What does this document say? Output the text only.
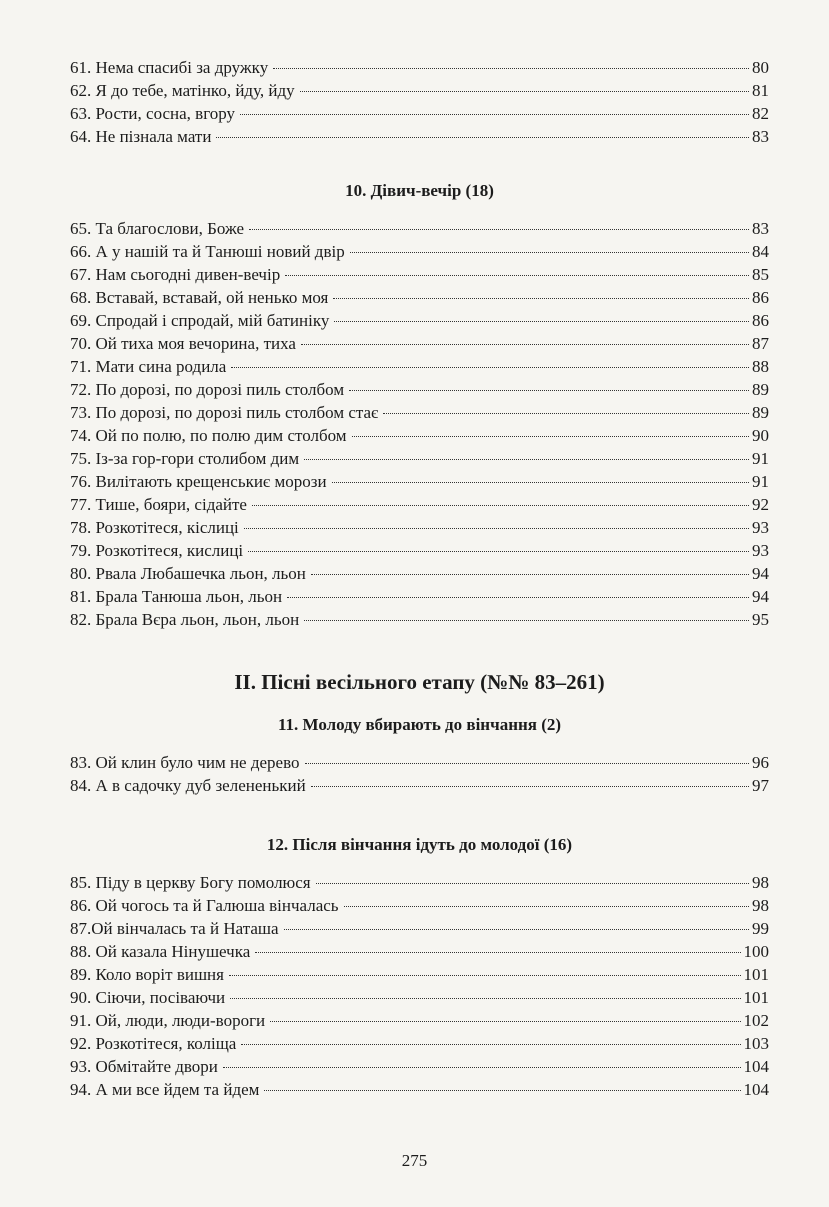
61. Нема спасибі за дружку	80
62. Я до тебе, матінко, йду, йду	81
63. Рости, сосна, вгору	82
64. Не пізнала мати	83
10. Дівич-вечір (18)
65. Та благослови, Боже	83
66. А у нашій та й Танюші новий двір	84
67. Нам сьогодні дивен-вечір	85
68. Вставай, вставай, ой ненько моя	86
69. Спродай і спродай, мій батиніку	86
70. Ой тиха моя вечорина, тиха	87
71. Мати сина родила	88
72. По дорозі, по дорозі пиль столбом	89
73. По дорозі, по дорозі пиль столбом стає	89
74. Ой по полю, по полю дим столбом	90
75. Із-за гор-гори столибом дим	91
76. Вилітають крещенськиє морози	91
77. Тише, бояри, сідайте	92
78. Розкотітеся, кіслиці	93
79. Розкотітеся, кислиці	93
80. Рвала Любашечка льон, льон	94
81. Брала Танюша льон, льон	94
82. Брала Вєра льон, льон, льон	95
II. Пісні весільного етапу (№№ 83–261)
11. Молоду вбирають до вінчання (2)
83. Ой клин було чим не дерево	96
84. А в садочку дуб зелененький	97
12. Після вінчання ідуть до молодої (16)
85. Піду в церкву Богу помолюся	98
86. Ой чогось та й Галюша вінчалась	98
87.Ой вінчалась та й Наташа	99
88. Ой казала Нінушечка	100
89. Коло воріт вишня	101
90. Сіючи, посіваючи	101
91. Ой, люди, люди-вороги	102
92. Розкотітеся, коліща	103
93. Обмітайте двори	104
94. А ми все йдем та йдем	104
275
